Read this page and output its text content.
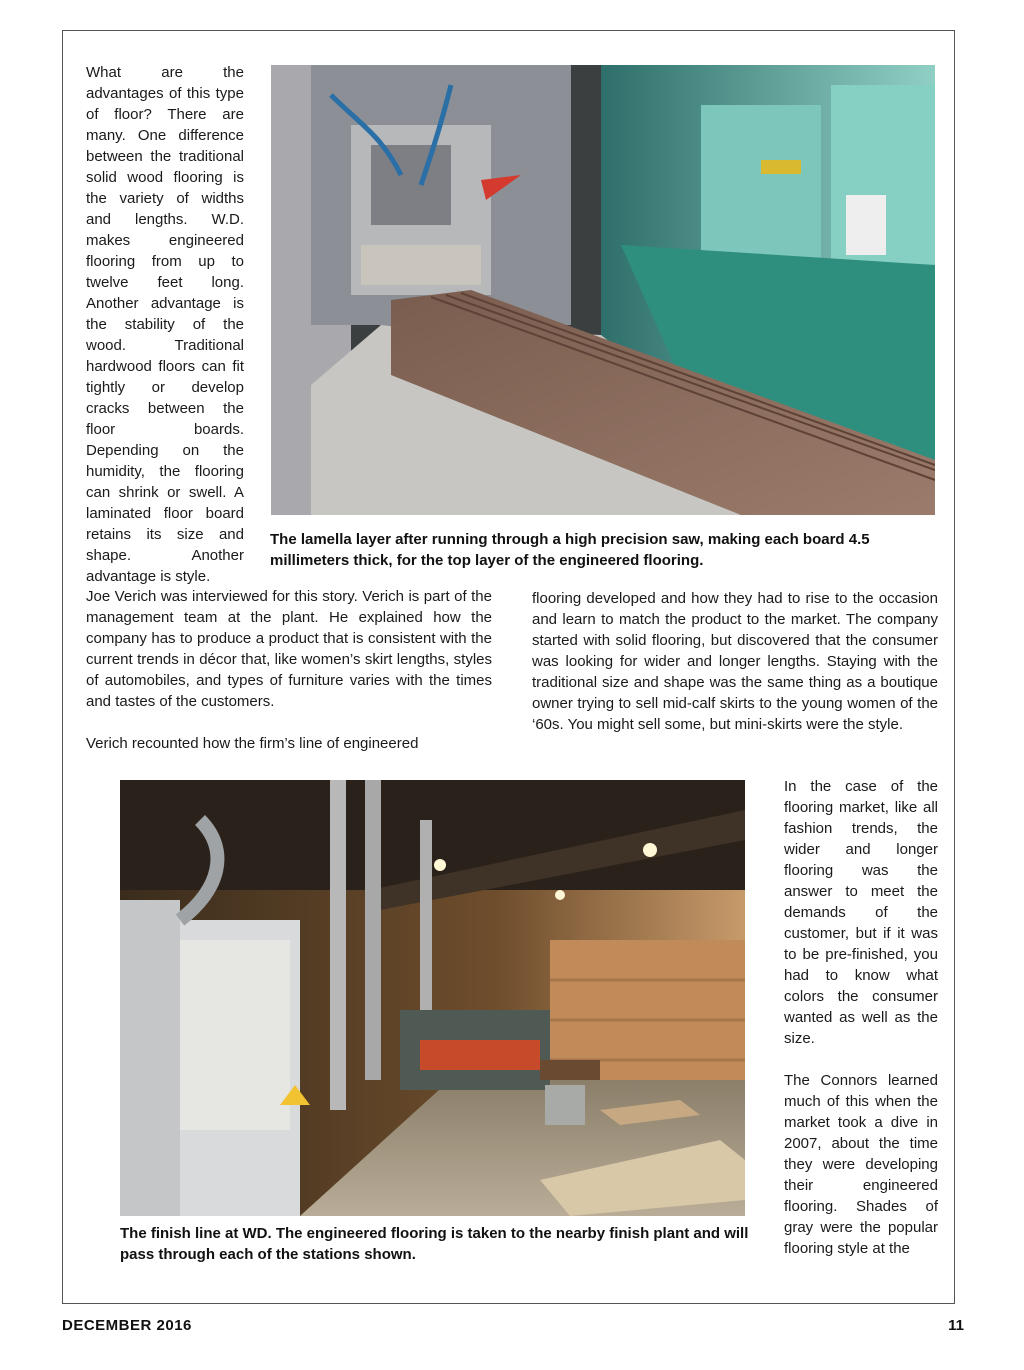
What are the advantages of this type of floor? There are many. One difference between the traditional solid wood flooring is the variety of widths and lengths. W.D. makes engineered flooring from up to twelve feet long. Another advantage is the stability of the wood. Traditional hardwood floors can fit tightly or develop cracks between the floor boards. Depending on the humidity, the flooring can shrink or swell. A laminated floor board retains its size and shape. Another advantage is style.

The lamella layer after running through a high precision saw, making each board 4.5 millimeters thick, for the top layer of the engineered flooring.

Joe Verich was interviewed for this story. Verich is part of the management team at the plant. He explained how the company has to produce a product that is consistent with the current trends in décor that, like women’s skirt lengths, styles of automobiles, and types of furniture varies with the times and tastes of the customers.

Verich recounted how the firm’s line of engineered

flooring developed and how they had to rise to the occasion and learn to match the product to the market. The company started with solid flooring, but discovered that the consumer was looking for wider and longer lengths. Staying with the traditional size and shape was the same thing as a boutique owner trying to sell mid-calf skirts to the young women of the ‘60s. You might sell some, but mini-skirts were the style.

The finish line at WD. The engineered flooring is taken to the nearby finish plant and will pass through each of the stations shown.

In the case of the flooring market, like all fashion trends, the wider and longer flooring was the answer to meet the demands of the customer, but if it was to be pre-finished, you had to know what colors the consumer wanted as well as the size.

The Connors learned much of this when the market took a dive in 2007, about the time they were developing their engineered flooring. Shades of gray were the popular flooring style at the

DECEMBER 2016	11
